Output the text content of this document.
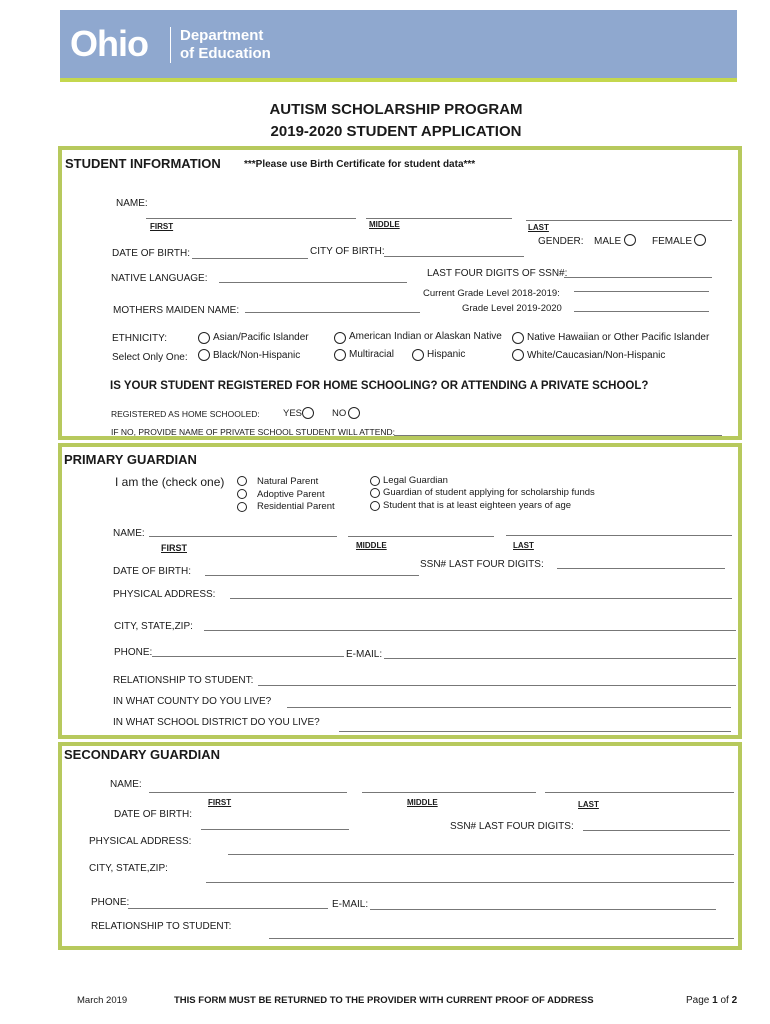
Ohio Department
of Education
AUTISM SCHOLARSHIP PROGRAM
2019-2020 STUDENT APPLICATION
STUDENT INFORMATION ***Please use Birth Certificate for student data***
NAME:
FIRST	MIDDLE	LAST
GENDER: MALE	FEMALE
DATE OF BIRTH:	CITY OF BIRTH:
LAST FOUR DIGITS OF SSN#:
NATIVE LANGUAGE:
Current Grade Level 2018-2019:
Grade Level 2019-2020
MOTHERS MAIDEN NAME:
ETHNICITY:
Select Only One:
Asian/Pacific Islander	American Indian or Alaskan Native	Native Hawaiian or Other Pacific Islander
Black/Non-Hispanic	Multiracial	Hispanic	White/Caucasian/Non-Hispanic
IS YOUR STUDENT REGISTERED FOR HOME SCHOOLING? OR ATTENDING A PRIVATE SCHOOL?
REGISTERED AS HOME SCHOOLED: YES	NO
IF NO, PROVIDE NAME OF PRIVATE SCHOOL STUDENT WILL ATTEND:
PRIMARY GUARDIAN
I am the (check one)	Natural Parent
Adoptive Parent
Residential Parent
Legal Guardian
Guardian of student applying for scholarship funds
Student that is at least eighteen years of age
NAME:
FIRST	MIDDLE	LAST
SSN# LAST FOUR DIGITS:
DATE OF BIRTH:
PHYSICAL ADDRESS:
CITY, STATE,ZIP:
PHONE:	E-MAIL:
RELATIONSHIP TO STUDENT:
IN WHAT COUNTY DO YOU LIVE?
IN WHAT SCHOOL DISTRICT DO YOU LIVE?
SECONDARY GUARDIAN
NAME:
FIRST	MIDDLE	LAST
DATE OF BIRTH:
SSN# LAST FOUR DIGITS:
PHYSICAL ADDRESS:
CITY, STATE,ZIP:
PHONE:	E-MAIL:
RELATIONSHIP TO STUDENT:
March 2019	THIS FORM MUST BE RETURNED TO THE PROVIDER WITH CURRENT PROOF OF ADDRESS	Page 1 of 2
